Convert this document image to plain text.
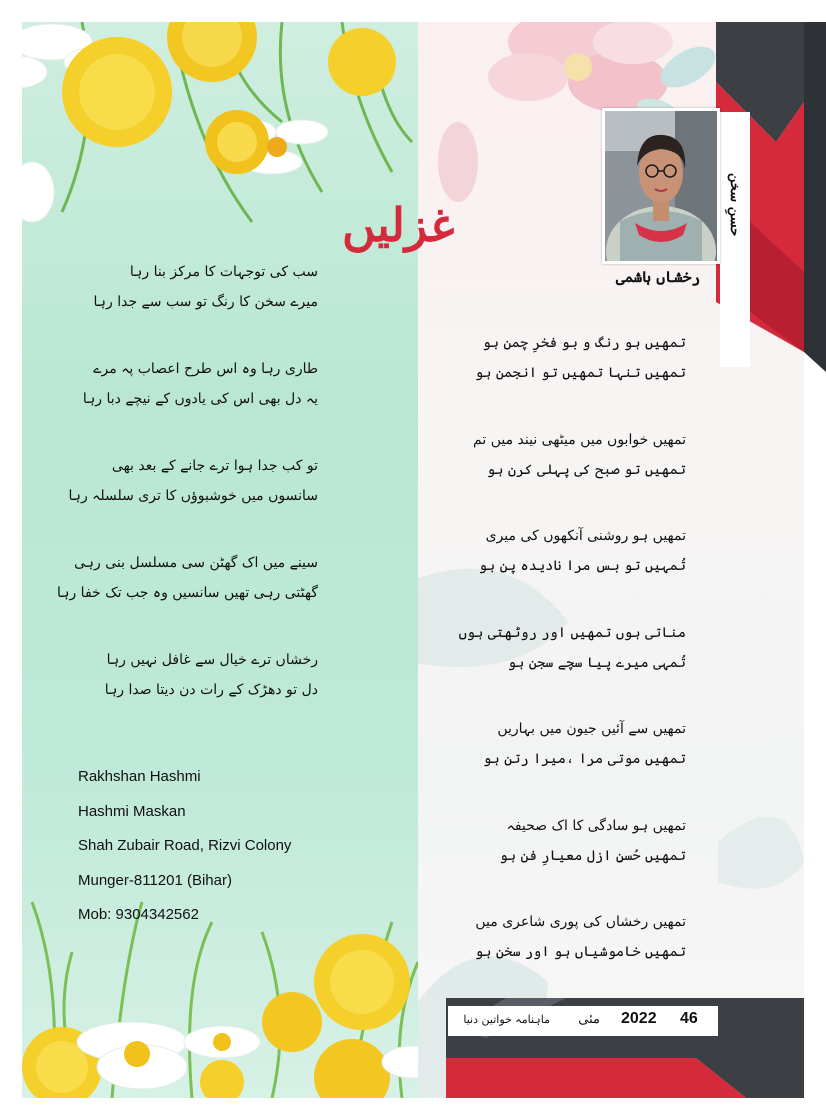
غزلیں
رخشاں ہاشمی
حسنِ سخن
سب کی توجہات کا مرکز بنا رہا
میرے سخن کا رنگ تو سب سے جدا رہا
طاری رہا وہ اس طرح اعصاب پہ مرے
یہ دل بھی اس کی یادوں کے نیچے دبا رہا
تو کب جدا ہوا ترے جانے کے بعد بھی
سانسوں میں خوشبوؤں کا تری سلسلہ رہا
سینے میں اک گھٹن سی مسلسل بنی رہی
گھٹتی رہی تھیں سانسیں وہ جب تک خفا رہا
رخشاں ترے خیال سے غافل نہیں رہا
دل تو دھڑک کے رات دن دیتا صدا رہا
تمھیں ہو رنگ و بو فخرِ چمن ہو
تمھیں تنہا تمھیں تو انجمن ہو
تمھیں خوابوں میں میٹھی نیند میں تم
تمھیں تو صبح کی پہلی کرن ہو
تمھیں ہو روشنی آنکھوں کی میری
تُمہیں تو بس مرا نادیدہ پن ہو
مناتی ہوں تمھیں اور روٹھتی ہوں
تُمہی میرے پیا سچے سجن ہو
تمھیں سے آئیں جیون میں بہاریں
تمھیں موتی مرا ،میرا رتن ہو
تمھیں ہو سادگی کا اک صحیفہ
تمھیں حُسنِ ازل معیارِ فن ہو
تمھیں رخشاں کی پوری شاعری میں
تمھیں خاموشیاں ہو اور سخن ہو
Rakhshan Hashmi
Hashmi Maskan
Shah Zubair Road, Rizvi Colony
Munger-811201 (Bihar)
Mob: 9304342562
46
2022
مئی
ماہنامہ خواتین دنیا
